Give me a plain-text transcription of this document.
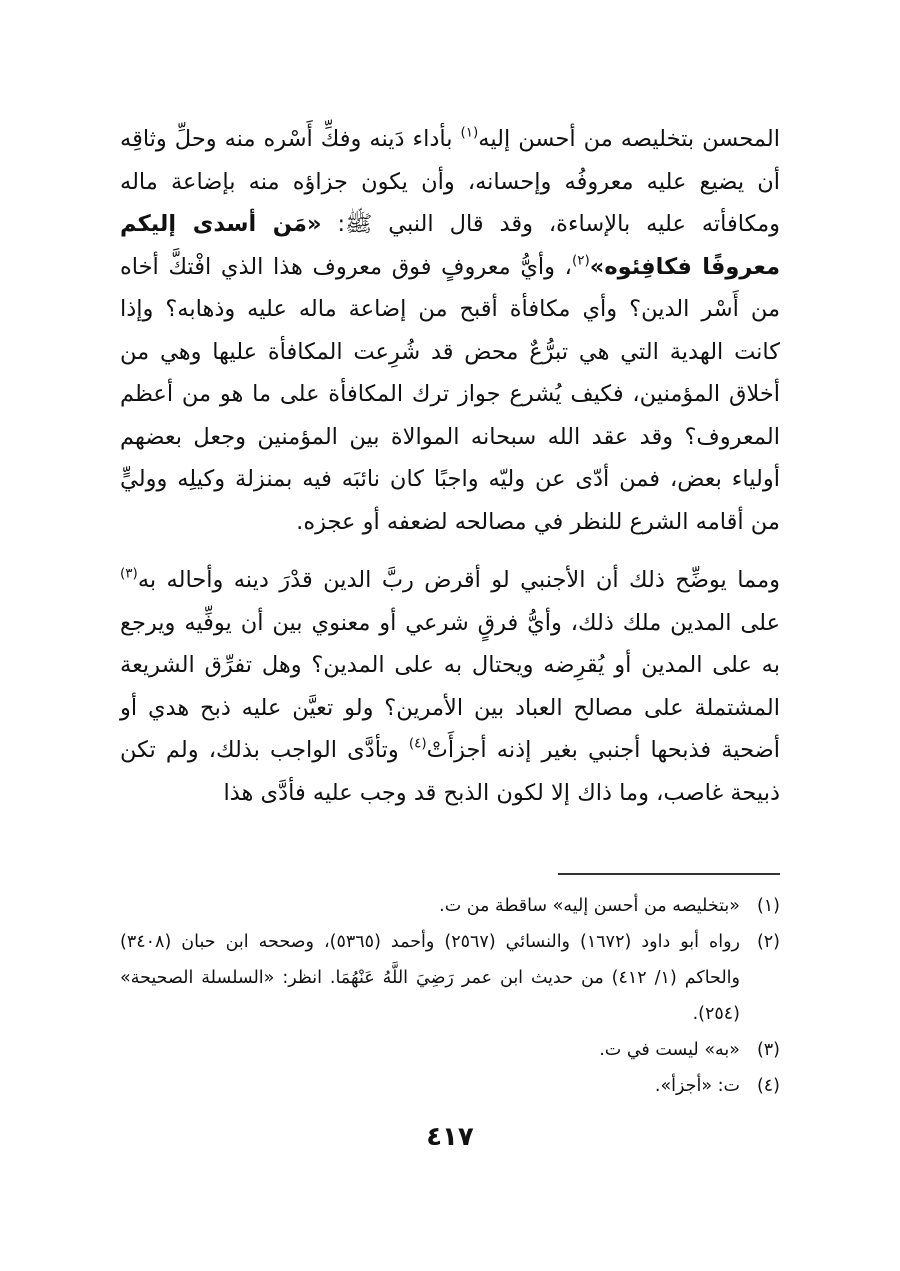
المحسن بتخليصه من أحسن إليه$^{(١)}$ بأداء دَينه وفكِّ أَسْره منه وحلِّ وثاقِه أن يضيع عليه معروفُه وإحسانه، وأن يكون جزاؤه منه بإضاعة ماله ومكافأته عليه بالإساءة، وقد قال النبي ﷺ: «مَن أسدى إليكم معروفًا فكافِئوه»$^{(٢)}$، وأيُّ معروفٍ فوق معروف هذا الذي افْتكَّ أخاه من أَسْر الدين؟ وأي مكافأة أقبح من إضاعة ماله عليه وذهابه؟ وإذا كانت الهدية التي هي تبرُّعٌ محض قد شُرِعت المكافأة عليها وهي من أخلاق المؤمنين، فكيف يُشرع جواز ترك المكافأة على ما هو من أعظم المعروف؟ وقد عقد الله سبحانه الموالاة بين المؤمنين وجعل بعضهم أولياء بعض، فمن أدّى عن وليّه واجبًا كان نائبَه فيه بمنزلة وكيلِه ووليٍّ من أقامه الشرع للنظر في مصالحه لضعفه أو عجزه.

ومما يوضِّح ذلك أن الأجنبي لو أقرض ربَّ الدين قدْرَ دينه وأحاله به$^{(٣)}$ على المدين ملك ذلك، وأيُّ فرقٍ شرعي أو معنوي بين أن يوفِّيه ويرجع به على المدين أو يُقرِضه ويحتال به على المدين؟ وهل تفرِّق الشريعة المشتملة على مصالح العباد بين الأمرين؟ ولو تعيَّن عليه ذبح هدي أو أضحية فذبحها أجنبي بغير إذنه أجزأَتْ$^{(٤)}$ وتأدَّى الواجب بذلك، ولم تكن ذبيحة غاصب، وما ذاك إلا لكون الذبح قد وجب عليه فأدَّى هذا

(١)
«بتخليصه من أحسن إليه» ساقطة من ت.
(٢)
رواه أبو داود (١٦٧٢) والنسائي (٢٥٦٧) وأحمد (٥٣٦٥)، وصححه ابن حبان (٣٤٠٨) والحاكم (١/ ٤١٢) من حديث ابن عمر رَضِيَ اللَّهُ عَنْهُمَا. انظر: «السلسلة الصحيحة» (٢٥٤).
(٣)
«به» ليست في ت.
(٤)
ت: «أجزأ».
٤١٧
